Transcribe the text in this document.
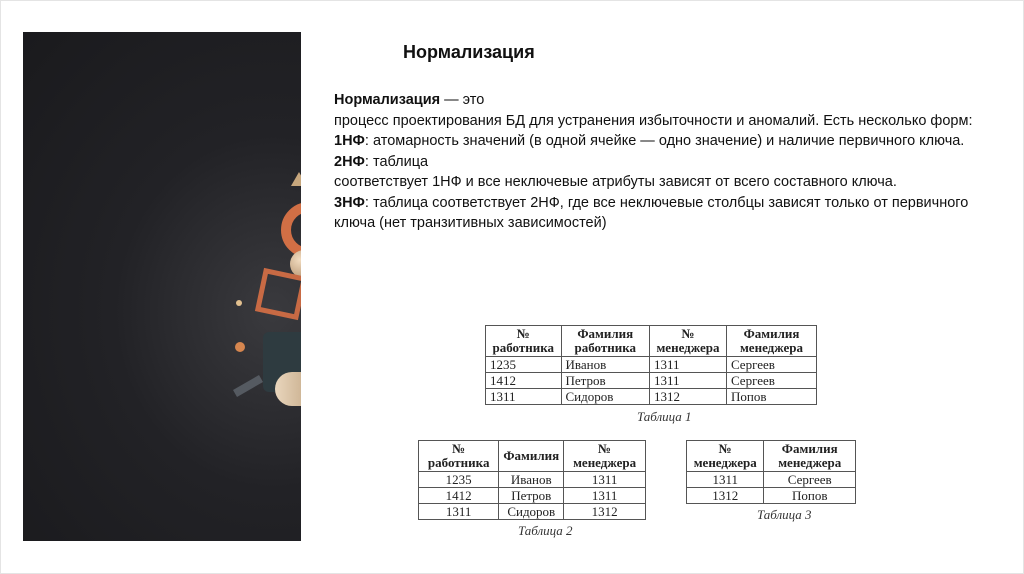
Нормализация

Нормализация — это

процесс проектирования БД для устранения избыточности и аномалий. Есть несколько форм:

1НФ: атомарность значений (в одной ячейке — одно значение) и наличие первичного ключа.

2НФ: таблица

соответствует 1НФ и все неключевые атрибуты зависят от всего составного ключа.

3НФ: таблица соответствует 2НФ, где все неключевые столбцы зависят только от первичного ключа (нет транзитивных зависимостей)

№ работника	Фамилия работника	№ менеджера	Фамилия менеджера
1235	Иванов	1311	Сергеев
1412	Петров	1311	Сергеев
1311	Сидоров	1312	Попов
Таблица 1
№ работника	Фамилия	№ менеджера
1235	Иванов	1311
1412	Петров	1311
1311	Сидоров	1312
Таблица 2
№ менеджера	Фамилия менеджера
1311	Сергеев
1312	Попов
Таблица 3
